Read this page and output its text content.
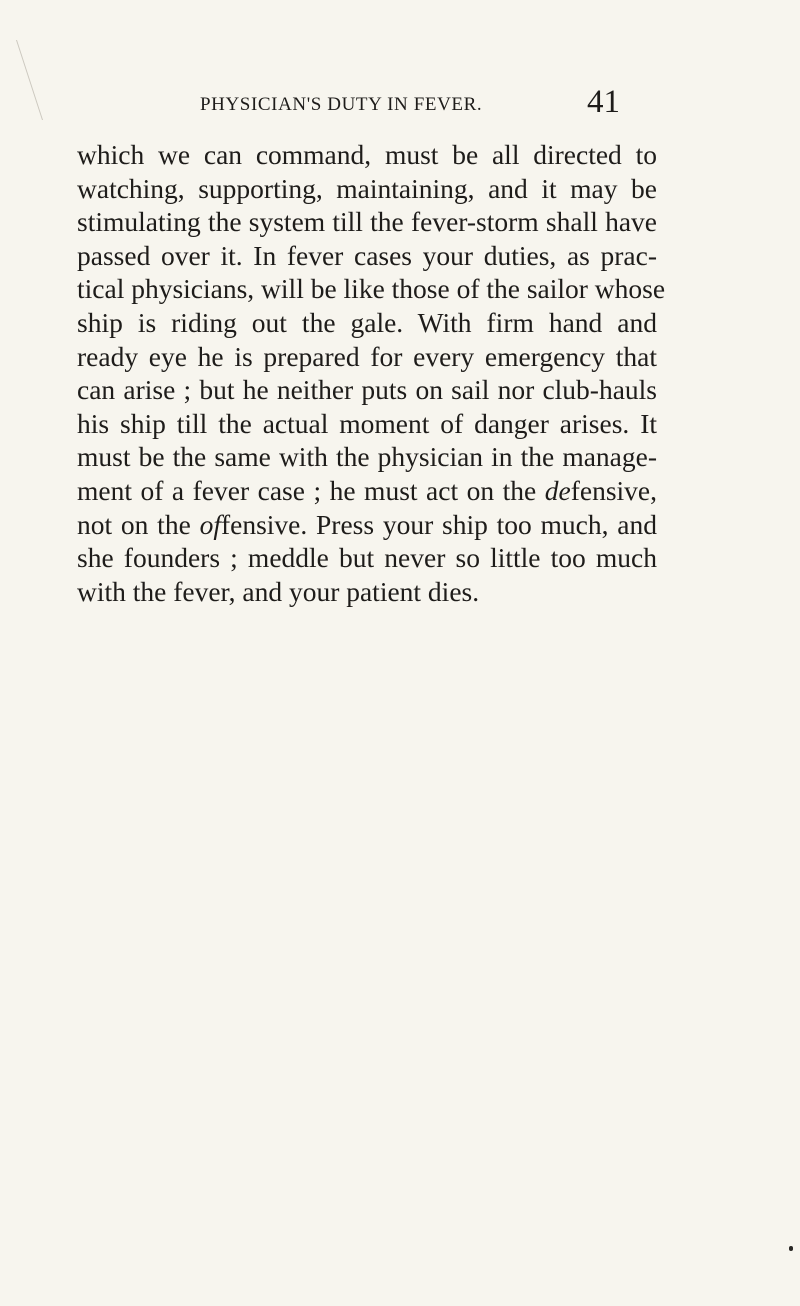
PHYSICIAN'S DUTY IN FEVER.	41
which we can command, must be all directed to
watching, supporting, maintaining, and it may be
stimulating the system till the fever-storm shall have
passed over it. In fever cases your duties, as prac-
tical physicians, will be like those of the sailor whose
ship is riding out the gale. With firm hand and
ready eye he is prepared for every emergency that
can arise ; but he neither puts on sail nor club-hauls
his ship till the actual moment of danger arises. It
must be the same with the physician in the manage-
ment of a fever case ; he must act on the defensive,
not on the offensive. Press your ship too much, and
she founders ; meddle but never so little too much
with the fever, and your patient dies.
